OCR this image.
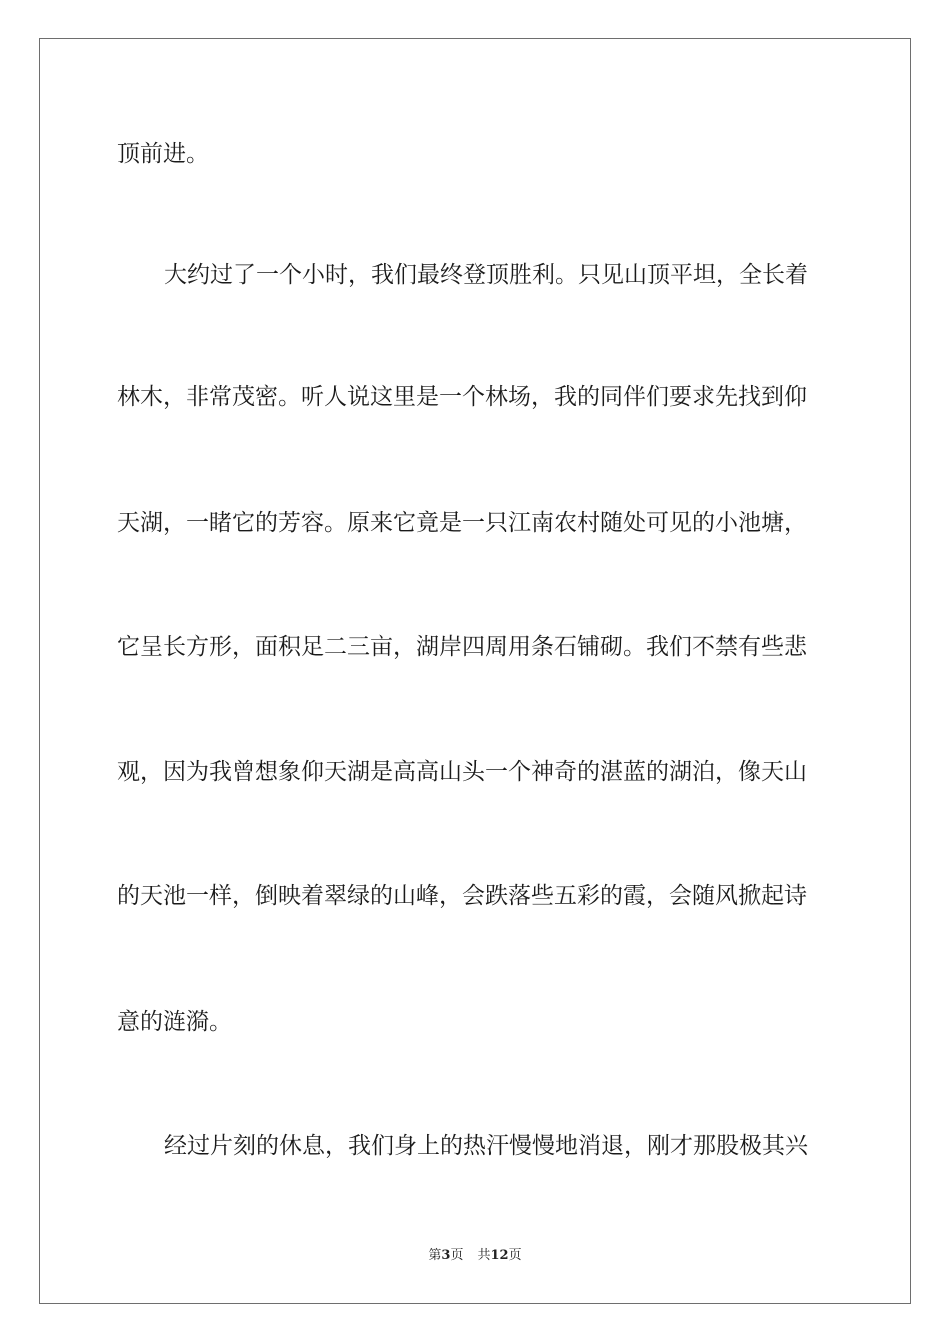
顶前进。
大约过了一个小时，我们最终登顶胜利。只见山顶平坦，全长着
林木，非常茂密。听人说这里是一个林场，我的同伴们要求先找到仰
天湖，一睹它的芳容。原来它竟是一只江南农村随处可见的小池塘，
它呈长方形，面积足二三亩，湖岸四周用条石铺砌。我们不禁有些悲
观，因为我曾想象仰天湖是高高山头一个神奇的湛蓝的湖泊，像天山
的天池一样，倒映着翠绿的山峰，会跌落些五彩的霞，会随风掀起诗
意的涟漪。
经过片刻的休息，我们身上的热汗慢慢地消退，刚才那股极其兴
第3页 共12页
